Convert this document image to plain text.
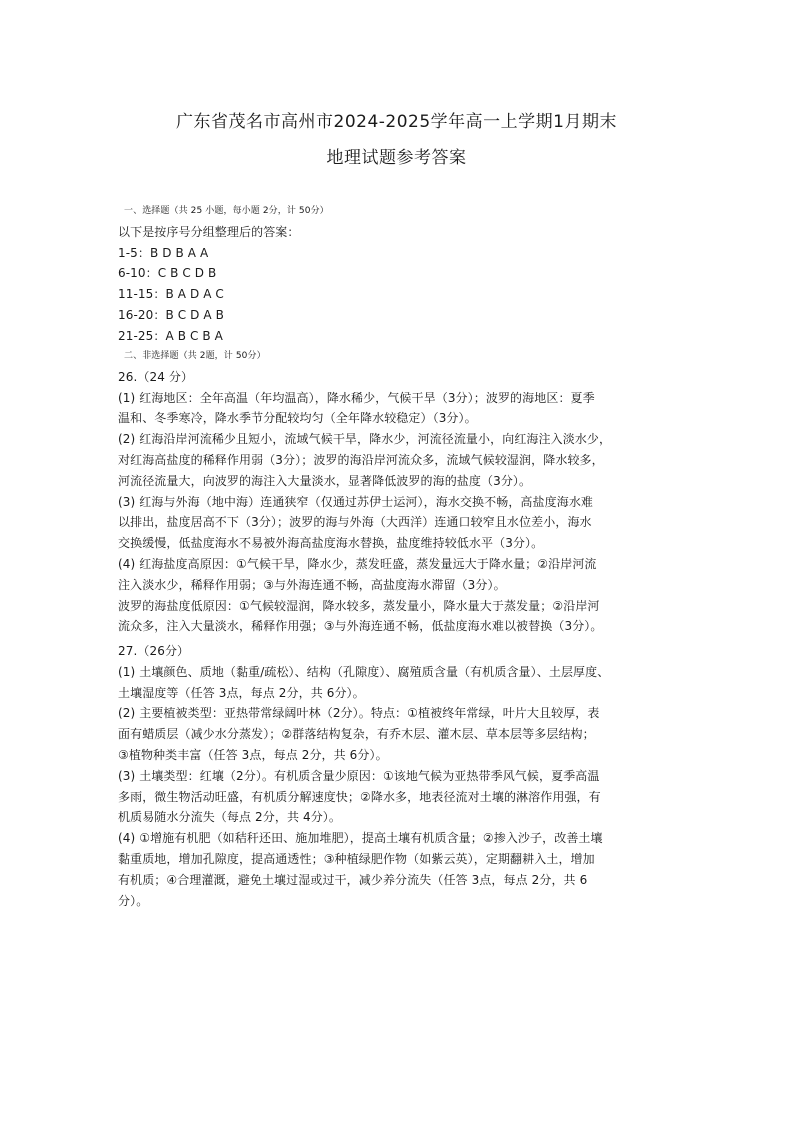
广东省茂名市高州市2024-2025学年高一上学期1月期末
地理试题参考答案

一、选择题（共 25 小题，每小题 2分，计 50分）

以下是按序号分组整理后的答案：

1-5：B D B A A

6-10：C B C D B

11-15：B A D A C

16-20：B C D A B

21-25：A B C B A

二、非选择题（共 2题，计 50分）

26.（24 分）

(1) 红海地区：全年高温（年均温高），降水稀少，气候干旱（3分）；波罗的海地区：夏季

温和、冬季寒冷，降水季节分配较均匀（全年降水较稳定）（3分）。

(2) 红海沿岸河流稀少且短小，流域气候干旱，降水少，河流径流量小，向红海注入淡水少，

对红海高盐度的稀释作用弱（3分）；波罗的海沿岸河流众多，流域气候较湿润，降水较多，

河流径流量大，向波罗的海注入大量淡水，显著降低波罗的海的盐度（3分）。

(3) 红海与外海（地中海）连通狭窄（仅通过苏伊士运河），海水交换不畅，高盐度海水难

以排出，盐度居高不下（3分）；波罗的海与外海（大西洋）连通口较窄且水位差小，海水

交换缓慢，低盐度海水不易被外海高盐度海水替换，盐度维持较低水平（3分）。

(4) 红海盐度高原因：①气候干旱，降水少，蒸发旺盛，蒸发量远大于降水量；②沿岸河流

注入淡水少，稀释作用弱；③与外海连通不畅，高盐度海水滞留（3分）。

波罗的海盐度低原因：①气候较湿润，降水较多，蒸发量小，降水量大于蒸发量；②沿岸河

流众多，注入大量淡水，稀释作用强；③与外海连通不畅，低盐度海水难以被替换（3分）。

27.（26分）

(1) 土壤颜色、质地（黏重/疏松）、结构（孔隙度）、腐殖质含量（有机质含量）、土层厚度、

土壤湿度等（任答 3点，每点 2分，共 6分）。

(2) 主要植被类型：亚热带常绿阔叶林（2分）。特点：①植被终年常绿，叶片大且较厚，表

面有蜡质层（减少水分蒸发）；②群落结构复杂，有乔木层、灌木层、草本层等多层结构；

③植物种类丰富（任答 3点，每点 2分，共 6分）。

(3) 土壤类型：红壤（2分）。有机质含量少原因：①该地气候为亚热带季风气候，夏季高温

多雨，微生物活动旺盛，有机质分解速度快；②降水多，地表径流对土壤的淋溶作用强，有

机质易随水分流失（每点 2分，共 4分）。

(4) ①增施有机肥（如秸秆还田、施加堆肥），提高土壤有机质含量；②掺入沙子，改善土壤

黏重质地，增加孔隙度，提高通透性；③种植绿肥作物（如紫云英），定期翻耕入土，增加

有机质；④合理灌溉，避免土壤过湿或过干，减少养分流失（任答 3点，每点 2分，共 6

分）。
